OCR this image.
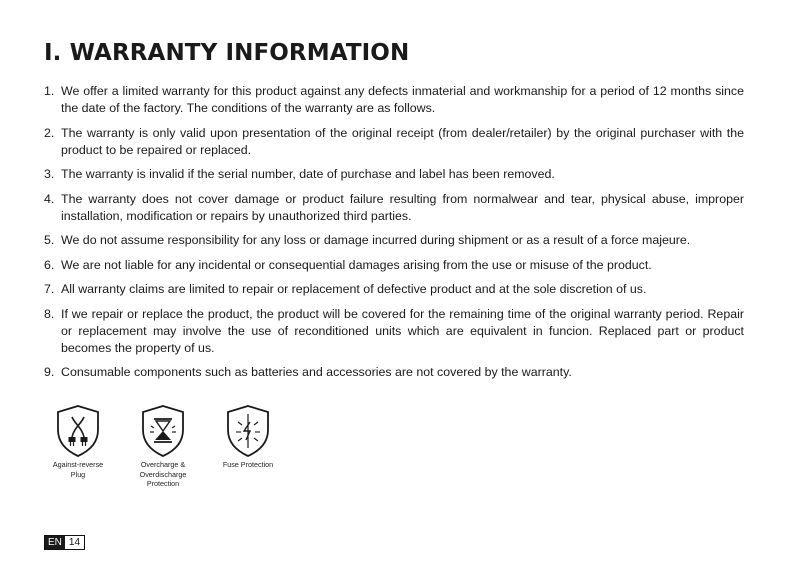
I. WARRANTY INFORMATION
1. We offer a limited warranty for this product against any defects inmaterial and workmanship for a period of 12 months since the date of the factory. The conditions of the warranty are as follows.
2. The warranty is only valid upon presentation of the original receipt (from dealer/retailer) by the original purchaser with the product to be repaired or replaced.
3. The warranty is invalid if the serial number, date of purchase and label has been removed.
4. The warranty does not cover damage or product failure resulting from normalwear and tear, physical abuse, improper installation, modification or repairs by unauthorized third parties.
5. We do not assume responsibility for any loss or damage incurred during shipment or as a result of a force majeure.
6. We are not liable for any incidental or consequential damages arising from the use or misuse of the product.
7. All warranty claims are limited to repair or replacement of defective product and at the sole discretion of us.
8. If we repair or replace the product, the product will be covered for the remaining time of the original warranty period. Repair or replacement may involve the use of reconditioned units which are equivalent in funcion. Replaced part or product becomes the property of us.
9. Consumable components such as batteries and accessories are not covered by the warranty.
Against-reverse
Plug
Overcharge &
Overdischarge
Protection
Fuse Protection
EN 14
